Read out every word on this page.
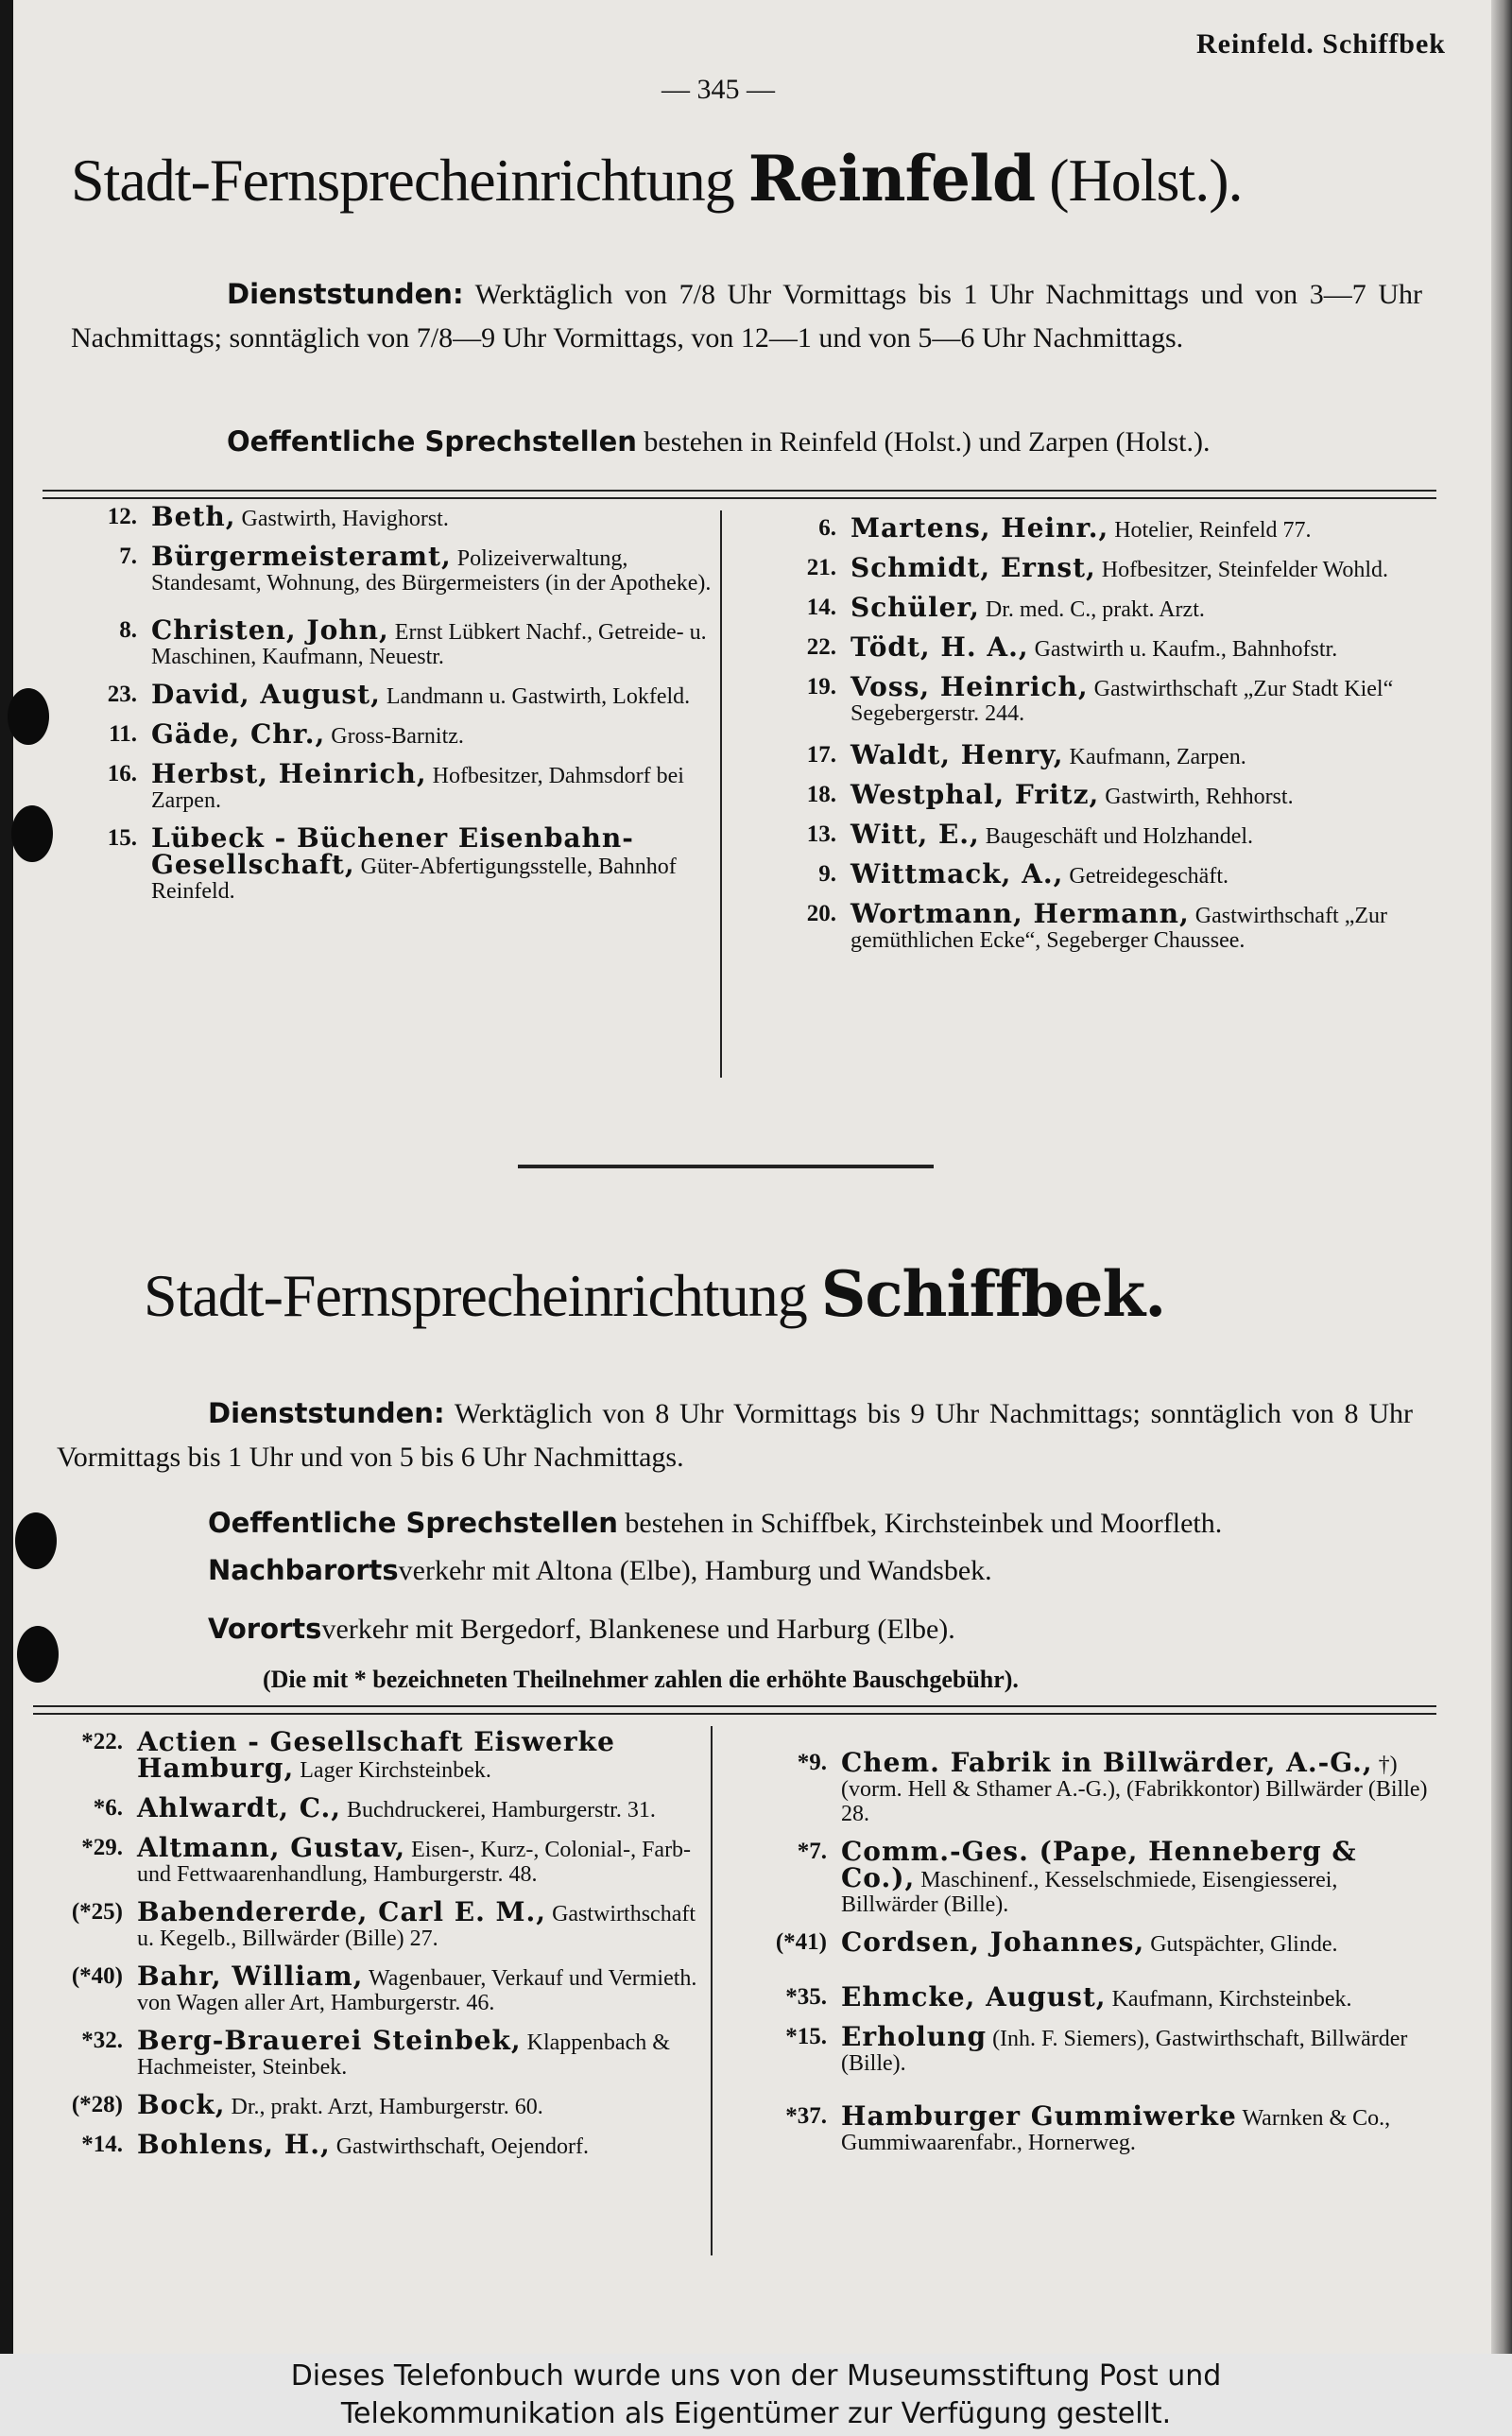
Reinfeld. Schiffbek
— 345 —
Stadt-Fernsprecheinrichtung Reinfeld (Holst.).
Dienststunden: Werktäglich von 7/8 Uhr Vormittags bis 1 Uhr Nachmittags und von 3—7 Uhr Nachmittags; sonntäglich von 7/8—9 Uhr Vormittags, von 12—1 und von 5—6 Uhr Nachmittags.
Oeffentliche Sprechstellen bestehen in Reinfeld (Holst.) und Zarpen (Holst.).
12. Beth, Gastwirth, Havighorst.
7. Bürgermeisteramt, Polizeiverwaltung, Standesamt, Wohnung, des Bürgermeisters (in der Apotheke).
8. Christen, John, Ernst Lübkert Nachf., Getreide- u. Maschinen, Kaufmann, Neuestr.
23. David, August, Landmann u. Gastwirth, Lokfeld.
11. Gäde, Chr., Gross-Barnitz.
16. Herbst, Heinrich, Hofbesitzer, Dahmsdorf bei Zarpen.
15. Lübeck - Büchener Eisenbahn-Gesellschaft, Güter-Abfertigungsstelle, Bahnhof Reinfeld.
6. Martens, Heinr., Hotelier, Reinfeld 77.
21. Schmidt, Ernst, Hofbesitzer, Steinfelder Wohld.
14. Schüler, Dr. med. C., prakt. Arzt.
22. Tödt, H. A., Gastwirth u. Kaufm., Bahnhofstr.
19. Voss, Heinrich, Gastwirthschaft „Zur Stadt Kiel“ Segebergerstr. 244.
17. Waldt, Henry, Kaufmann, Zarpen.
18. Westphal, Fritz, Gastwirth, Rehhorst.
13. Witt, E., Baugeschäft und Holzhandel.
9. Wittmack, A., Getreidegeschäft.
20. Wortmann, Hermann, Gastwirthschaft „Zur gemüthlichen Ecke“, Segeberger Chaussee.
Stadt-Fernsprecheinrichtung Schiffbek.
Dienststunden: Werktäglich von 8 Uhr Vormittags bis 9 Uhr Nachmittags; sonntäglich von 8 Uhr Vormittags bis 1 Uhr und von 5 bis 6 Uhr Nachmittags.
Oeffentliche Sprechstellen bestehen in Schiffbek, Kirchsteinbek und Moorfleth.
Nachbarortsverkehr mit Altona (Elbe), Hamburg und Wandsbek.
Vorortsverkehr mit Bergedorf, Blankenese und Harburg (Elbe).
(Die mit * bezeichneten Theilnehmer zahlen die erhöhte Bauschgebühr).
*22. Actien - Gesellschaft Eiswerke Hamburg, Lager Kirchsteinbek.
*6. Ahlwardt, C., Buchdruckerei, Hamburgerstr. 31.
*29. Altmann, Gustav, Eisen-, Kurz-, Colonial-, Farb- und Fettwaarenhandlung, Hamburgerstr. 48.
(*25) Babendererde, Carl E. M., Gastwirthschaft u. Kegelb., Billwärder (Bille) 27.
(*40) Bahr, William, Wagenbauer, Verkauf und Vermieth. von Wagen aller Art, Hamburgerstr. 46.
*32. Berg-Brauerei Steinbek, Klappenbach & Hachmeister, Steinbek.
(*28) Bock, Dr., prakt. Arzt, Hamburgerstr. 60.
*14. Bohlens, H., Gastwirthschaft, Oejendorf.
*9. Chem. Fabrik in Billwärder, A.-G., †) (vorm. Hell & Sthamer A.-G.), (Fabrikkontor) Billwärder (Bille) 28.
*7. Comm.-Ges. (Pape, Henneberg & Co.), Maschinenf., Kesselschmiede, Eisengiesserei, Billwärder (Bille).
(*41) Cordsen, Johannes, Gutspächter, Glinde.
*35. Ehmcke, August, Kaufmann, Kirchsteinbek.
*15. Erholung (Inh. F. Siemers), Gastwirthschaft, Billwärder (Bille).
*37. Hamburger Gummiwerke Warnken & Co., Gummiwaarenfabr., Hornerweg.
Dieses Telefonbuch wurde uns von der Museumsstiftung Post und
Telekommunikation als Eigentümer zur Verfügung gestellt.
